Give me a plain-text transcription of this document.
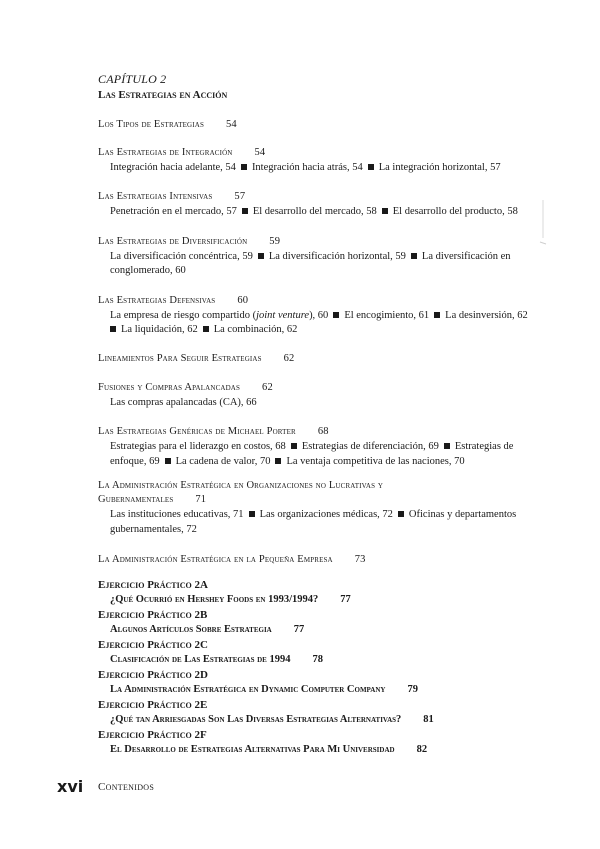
CAPÍTULO 2
Las Estrategias en Acción
Los Tipos de Estrategias 54
Las Estrategias de Integración 54
Integración hacia adelante, 54 Integración hacia atrás, 54 La integración horizontal, 57
Las Estrategias Intensivas 57
Penetración en el mercado, 57 El desarrollo del mercado, 58 El desarrollo del producto, 58
Las Estrategias de Diversificación 59
La diversificación concéntrica, 59 La diversificación horizontal, 59 La diversificación en
conglomerado, 60
Las Estrategias Defensivas 60
La empresa de riesgo compartido (joint venture), 60 El encogimiento, 61 La desinversión, 62
La liquidación, 62 La combinación, 62
Lineamientos Para Seguir Estrategias 62
Fusiones y Compras Apalancadas 62
Las compras apalancadas (CA), 66
Las Estrategias Genéricas de Michael Porter 68
Estrategias para el liderazgo en costos, 68 Estrategias de diferenciación, 69 Estrategias de
enfoque, 69 La cadena de valor, 70 La ventaja competitiva de las naciones, 70
La Administración Estratégica en Organizaciones no Lucrativas y
Gubernamentales 71
Las instituciones educativas, 71 Las organizaciones médicas, 72 Oficinas y departamentos
gubernamentales, 72
La Administración Estratégica en la Pequeña Empresa 73
Ejercicio Práctico 2A
¿Qué Ocurrió en Hershey Foods en 1993/1994? 77
Ejercicio Práctico 2B
Algunos Artículos Sobre Estrategia 77
Ejercicio Práctico 2C
Clasificación de Las Estrategias de 1994 78
Ejercicio Práctico 2D
La Administración Estratégica en Dynamic Computer Company 79
Ejercicio Práctico 2E
¿Qué tan Arriesgadas Son Las Diversas Estrategias Alternativas? 81
Ejercicio Práctico 2F
El Desarrollo de Estrategias Alternativas Para Mi Universidad 82
xvi Contenidos
